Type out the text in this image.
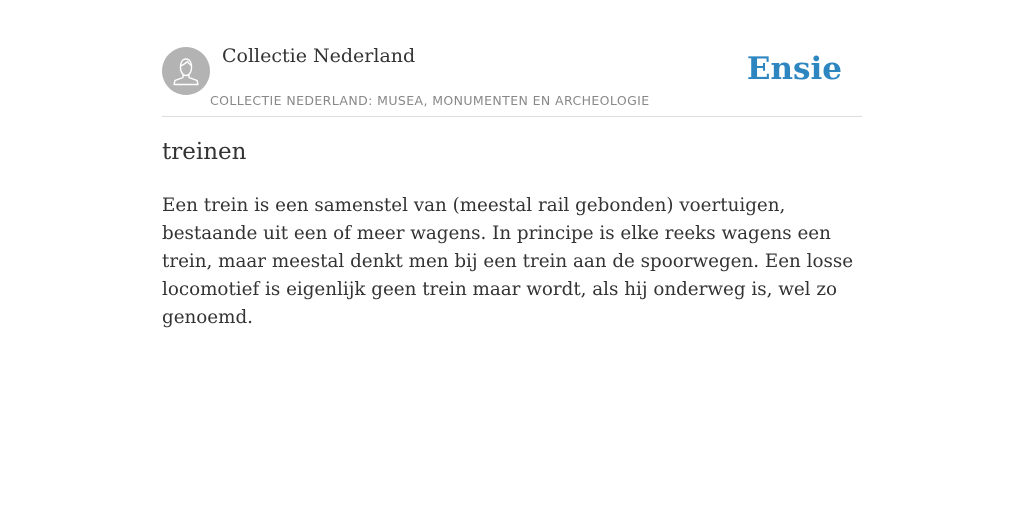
Collectie Nederland
COLLECTIE NEDERLAND: MUSEA, MONUMENTEN EN ARCHEOLOGIE
Ensie
treinen

Een trein is een samenstel van (meestal rail gebonden) voertuigen, bestaande uit een of meer wagens. In principe is elke reeks wagens een trein, maar meestal denkt men bij een trein aan de spoorwegen. Een losse locomotief is eigenlijk geen trein maar wordt, als hij onderweg is, wel zo genoemd.
